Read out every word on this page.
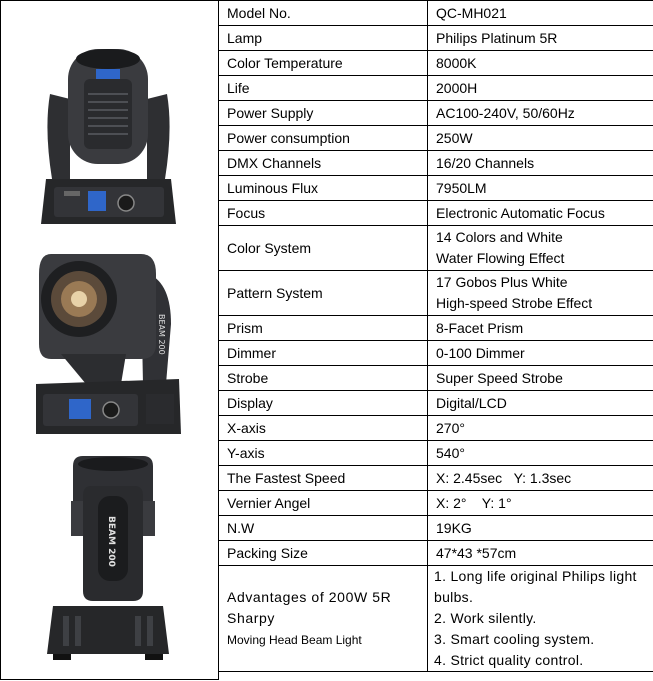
BEAM 200
BEAM 200
Model No.	QC-MH021
Lamp	Philips Platinum 5R
Color Temperature	8000K
Life	2000H
Power Supply	AC100-240V, 50/60Hz
Power consumption	250W
DMX Channels	16/20 Channels
Luminous Flux	7950LM
Focus	Electronic Automatic Focus
Color System	14 Colors and White
Water Flowing Effect

Pattern System	17 Gobos Plus White
High-speed Strobe Effect

Prism	8-Facet Prism
Dimmer	0-100 Dimmer
Strobe	Super Speed Strobe
Display	Digital/LCD
X-axis	270°
Y-axis	540°
The Fastest Speed	X: 2.45sec   Y: 1.3sec
Vernier Angel	X: 2°    Y: 1°
N.W	19KG
Packing Size	47*43 *57cm
Advantages of 200W 5R Sharpy
Moving Head Beam Light	1. Long life original Philips light bulbs.
2. Work silently.
3. Smart cooling system.
4. Strict quality control.
